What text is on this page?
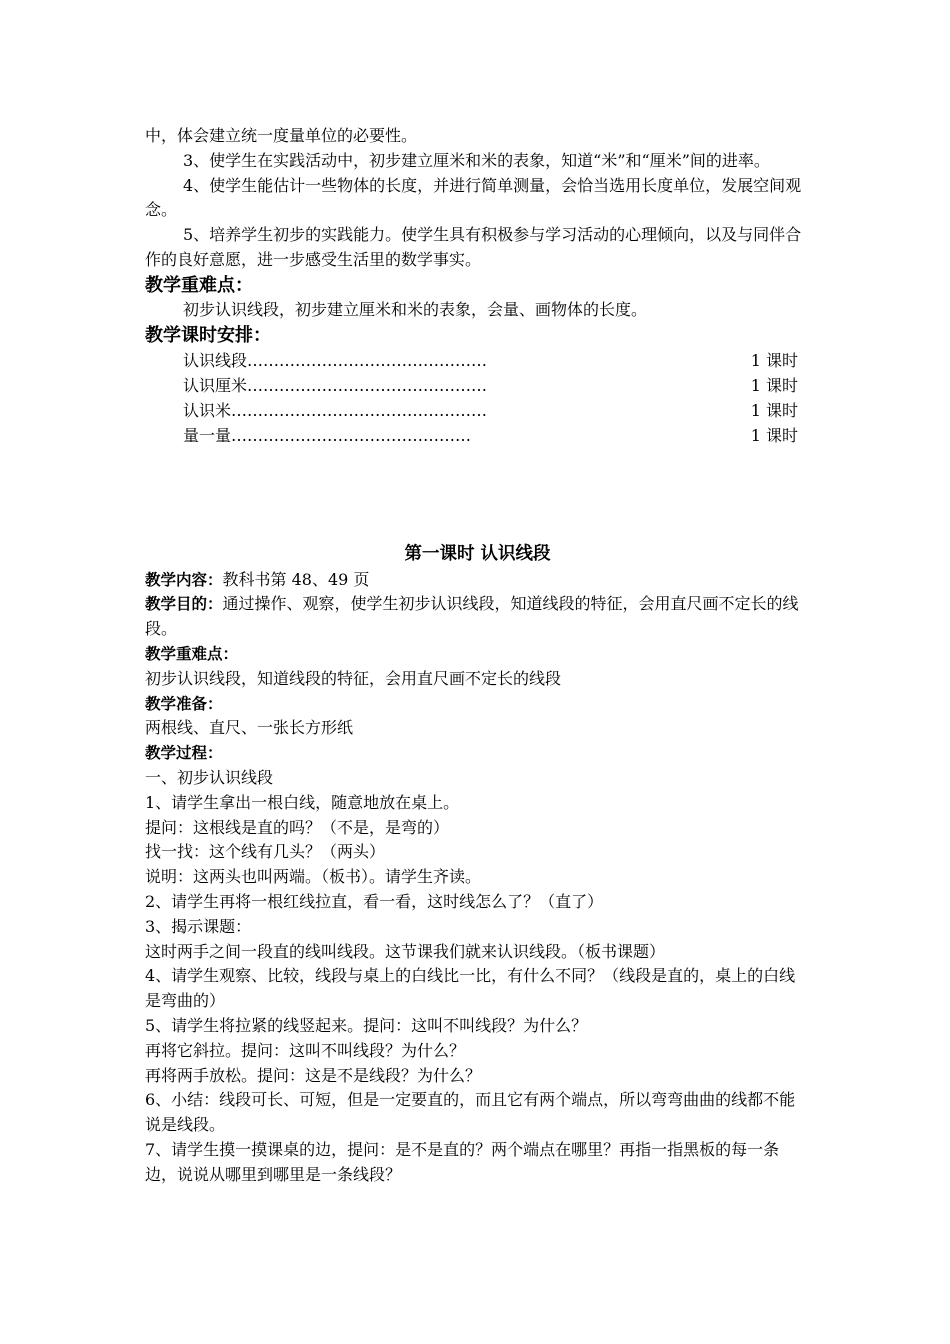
中，体会建立统一度量单位的必要性。
3、使学生在实践活动中，初步建立厘米和米的表象，知道“米”和“厘米”间的进率。
4、使学生能估计一些物体的长度，并进行简单测量，会恰当选用长度单位，发展空间观念。
5、培养学生初步的实践能力。使学生具有积极参与学习活动的心理倾向，以及与同伴合作的良好意愿，进一步感受生活里的数学事实。
教学重难点：
初步认识线段，初步建立厘米和米的表象，会量、画物体的长度。
教学课时安排：
认识线段………………………………………	1 课时
认识厘米………………………………………	1 课时
认识米…………………………………………	1 课时
量一量………………………………………	1 课时
第一课时 认识线段
教学内容：教科书第 48、49 页
教学目的：通过操作、观察，使学生初步认识线段，知道线段的特征，会用直尺画不定长的线段。
教学重难点：
初步认识线段，知道线段的特征，会用直尺画不定长的线段
教学准备：
两根线、直尺、一张长方形纸
教学过程：
一、初步认识线段
1、请学生拿出一根白线，随意地放在桌上。
提问：这根线是直的吗？（不是，是弯的）
找一找：这个线有几头？（两头）
说明：这两头也叫两端。（板书）。请学生齐读。
2、请学生再将一根红线拉直，看一看，这时线怎么了？（直了）
3、揭示课题：
这时两手之间一段直的线叫线段。这节课我们就来认识线段。（板书课题）
4、请学生观察、比较，线段与桌上的白线比一比，有什么不同？（线段是直的，桌上的白线是弯曲的）
5、请学生将拉紧的线竖起来。提问：这叫不叫线段？为什么？
再将它斜拉。提问：这叫不叫线段？为什么？
再将两手放松。提问：这是不是线段？为什么？
6、小结：线段可长、可短，但是一定要直的，而且它有两个端点，所以弯弯曲曲的线都不能说是线段。
7、请学生摸一摸课桌的边，提问：是不是直的？两个端点在哪里？再指一指黑板的每一条边，说说从哪里到哪里是一条线段？
